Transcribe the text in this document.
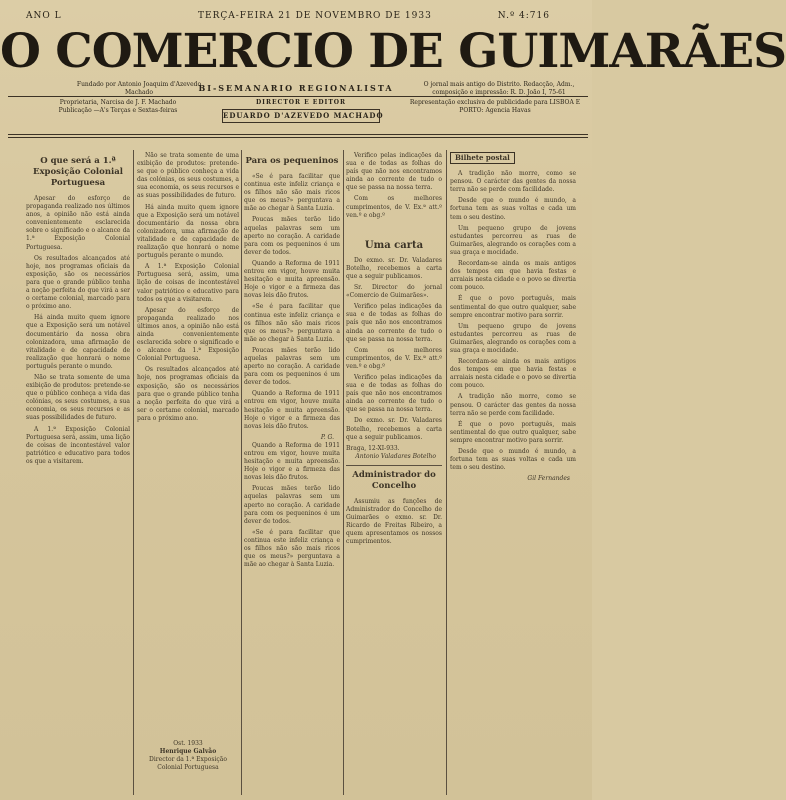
ANO L	TERÇA-FEIRA 21 DE NOVEMBRO DE 1933	N.º 4:716
O COMERCIO DE GUIMARÃES
Fundado por Antonio Joaquim d'Azevedo Machado	BI-SEMANARIO REGIONALISTA	O jornal mais antigo do Distrito. Redacção, Adm., composição e impressão: R. D. João I, 75-61
Proprietaria, Narcisa de J. F. Machado
Publicação —A's Terças e Sextas-feiras
DIRECTOR E EDITOR
EDUARDO D'AZEVEDO MACHADO
Representação exclusiva de publicidade para LISBOA E PORTO: Agencia Havas
O que será a 1.ª Exposição Colonial Portuguesa

Apesar do esforço de propaganda realizado nos últimos anos, a opinião não está ainda convenientemente esclarecida sobre o significado e o alcance da 1.ª Exposição Colonial Portuguesa.

Os resultados alcançados até hoje, nos programas oficiais da exposição, são os necessários para que o grande público tenha a noção perfeita do que virá a ser o certame colonial, marcado para o próximo ano.

Há ainda muito quem ignore que a Exposição será um notável documentário da nossa obra colonizadora, uma afirmação de vitalidade e de capacidade de realização que honrará o nome português perante o mundo.

Não se trata somente de uma exibição de produtos: pretende-se que o público conheça a vida das colónias, os seus costumes, a sua economia, os seus recursos e as suas possibilidades de futuro.

A 1.ª Exposição Colonial Portuguesa será, assim, uma lição de coisas de incontestável valor patriótico e educativo para todos os que a visitarem.

Não se trata somente de uma exibição de produtos: pretende-se que o público conheça a vida das colónias, os seus costumes, a sua economia, os seus recursos e as suas possibilidades de futuro.

Há ainda muito quem ignore que a Exposição será um notável documentário da nossa obra colonizadora, uma afirmação de vitalidade e de capacidade de realização que honrará o nome português perante o mundo.

A 1.ª Exposição Colonial Portuguesa será, assim, uma lição de coisas de incontestável valor patriótico e educativo para todos os que a visitarem.

Apesar do esforço de propaganda realizado nos últimos anos, a opinião não está ainda convenientemente esclarecida sobre o significado e o alcance da 1.ª Exposição Colonial Portuguesa.

Os resultados alcançados até hoje, nos programas oficiais da exposição, são os necessários para que o grande público tenha a noção perfeita do que virá a ser o certame colonial, marcado para o próximo ano.

Ost. 1933
Henrique Galvão
Director da 1.ª Exposição Colonial Portuguesa
Para os pequeninos

«Se é para facilitar que continua este infeliz criança e os filhos não são mais ricos que os meus?» perguntava a mãe ao chegar à Santa Luzia.

Poucas mães terão lido aquelas palavras sem um aperto no coração. A caridade para com os pequeninos é um dever de todos.

Quando a Reforma de 1911 entrou em vigor, houve muita hesitação e muita apreensão. Hoje o vigor e a firmeza das novas leis dão frutos.

«Se é para facilitar que continua este infeliz criança e os filhos não são mais ricos que os meus?» perguntava a mãe ao chegar à Santa Luzia.

Poucas mães terão lido aquelas palavras sem um aperto no coração. A caridade para com os pequeninos é um dever de todos.

Quando a Reforma de 1911 entrou em vigor, houve muita hesitação e muita apreensão. Hoje o vigor e a firmeza das novas leis dão frutos.

P. G.

Quando a Reforma de 1911 entrou em vigor, houve muita hesitação e muita apreensão. Hoje o vigor e a firmeza das novas leis dão frutos.

Poucas mães terão lido aquelas palavras sem um aperto no coração. A caridade para com os pequeninos é um dever de todos.

«Se é para facilitar que continua este infeliz criança e os filhos não são mais ricos que os meus?» perguntava a mãe ao chegar à Santa Luzia.

Verifico pelas indicações da sua e de todas as folhas do país que não nos encontramos ainda ao corrente de tudo o que se passa na nossa terra.

Com os melhores cumprimentos, de V. Ex.ª att.º ven.º e obg.º

Uma carta

Do exmo. sr. Dr. Valadares Botelho, recebemos a carta que a seguir publicamos.

Sr. Director do jornal «Comercio de Guimarães».

Verifico pelas indicações da sua e de todas as folhas do país que não nos encontramos ainda ao corrente de tudo o que se passa na nossa terra.

Com os melhores cumprimentos, de V. Ex.ª att.º ven.º e obg.º

Verifico pelas indicações da sua e de todas as folhas do país que não nos encontramos ainda ao corrente de tudo o que se passa na nossa terra.

Do exmo. sr. Dr. Valadares Botelho, recebemos a carta que a seguir publicamos.

Braga, 12-XI-933.
Antonio Valadares Botelho
Administrador do Concelho

Assumiu as funções de Administrador do Concelho de Guimarães o exmo. sr. Dr. Ricardo de Freitas Ribeiro, a quem apresentamos os nossos cumprimentos.

Bilhete postal

A tradição não morre, como se pensou. O carácter das gentes da nossa terra não se perde com facilidade.

Desde que o mundo é mundo, a fortuna tem as suas voltas e cada um tem o seu destino.

Um pequeno grupo de jovens estudantes percorreu as ruas de Guimarães, alegrando os corações com a sua graça e mocidade.

Recordam-se ainda os mais antigos dos tempos em que havia festas e arraiais nesta cidade e o povo se divertia com pouco.

É que o povo português, mais sentimental do que outro qualquer, sabe sempre encontrar motivo para sorrir.

Um pequeno grupo de jovens estudantes percorreu as ruas de Guimarães, alegrando os corações com a sua graça e mocidade.

Recordam-se ainda os mais antigos dos tempos em que havia festas e arraiais nesta cidade e o povo se divertia com pouco.

A tradição não morre, como se pensou. O carácter das gentes da nossa terra não se perde com facilidade.

É que o povo português, mais sentimental do que outro qualquer, sabe sempre encontrar motivo para sorrir.

Desde que o mundo é mundo, a fortuna tem as suas voltas e cada um tem o seu destino.

Gil Fernandes
